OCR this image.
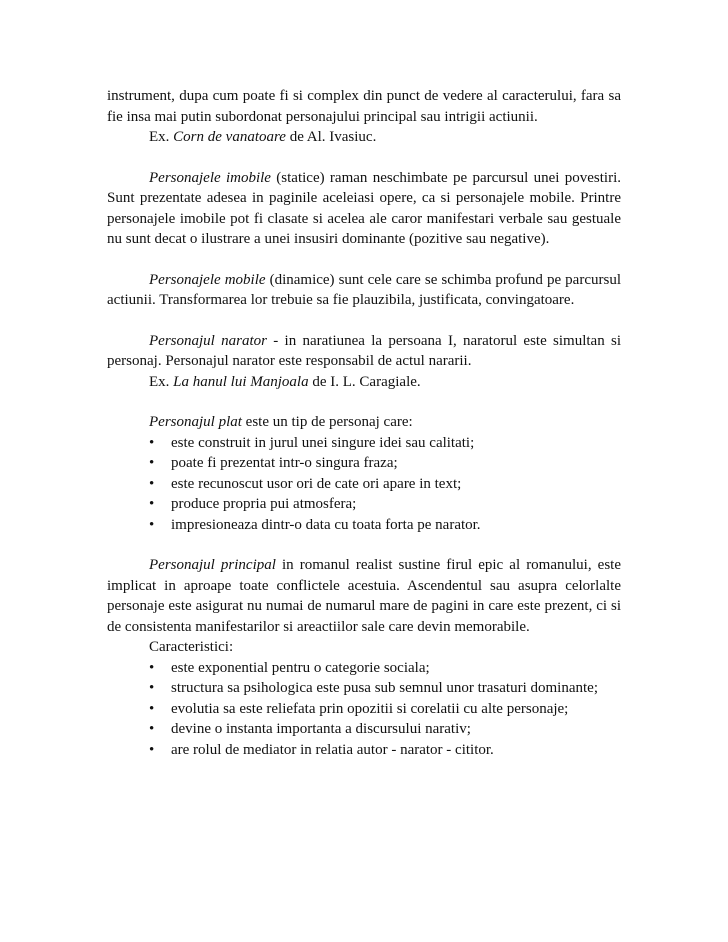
instrument, dupa cum poate fi si complex din punct de vedere al caracterului, fara sa fie insa mai putin subordonat personajului principal sau intrigii actiunii.

Ex. Corn de vanatoare de Al. Ivasiuc.

Personajele imobile (statice) raman neschimbate pe parcursul unei povestiri. Sunt prezentate adesea in paginile aceleiasi opere, ca si personajele mobile. Printre personajele imobile pot fi clasate si acelea ale caror manifestari verbale sau gestuale nu sunt decat o ilustrare a unei insusiri dominante (pozitive sau negative).

Personajele mobile (dinamice) sunt cele care se schimba profund pe parcursul actiunii. Transformarea lor trebuie sa fie plauzibila, justificata, convingatoare.

Personajul narator - in naratiunea la persoana I, naratorul este simultan si personaj. Personajul narator este responsabil de actul nararii.

Ex. La hanul lui Manjoala de I. L. Caragiale.

Personajul plat este un tip de personaj care:

•	este construit in jurul unei singure idei sau calitati;
•	poate fi prezentat intr-o singura fraza;
•	este recunoscut usor ori de cate ori apare in text;
•	produce propria pui atmosfera;
•	impresioneaza dintr-o data cu toata forta pe narator.

Personajul principal in romanul realist sustine firul epic al romanului, este implicat in aproape toate conflictele acestuia. Ascendentul sau asupra celorlalte personaje este asigurat nu numai de numarul mare de pagini in care este prezent, ci si de consistenta manifestarilor si areactiilor sale care devin memorabile.

Caracteristici:

•	este exponential pentru o categorie sociala;
•	structura sa psihologica este pusa sub semnul unor trasaturi dominante;
•	evolutia sa este reliefata prin opozitii si corelatii cu alte personaje;
•	devine o instanta importanta a discursului narativ;
•	are rolul de mediator in relatia autor - narator - cititor.
